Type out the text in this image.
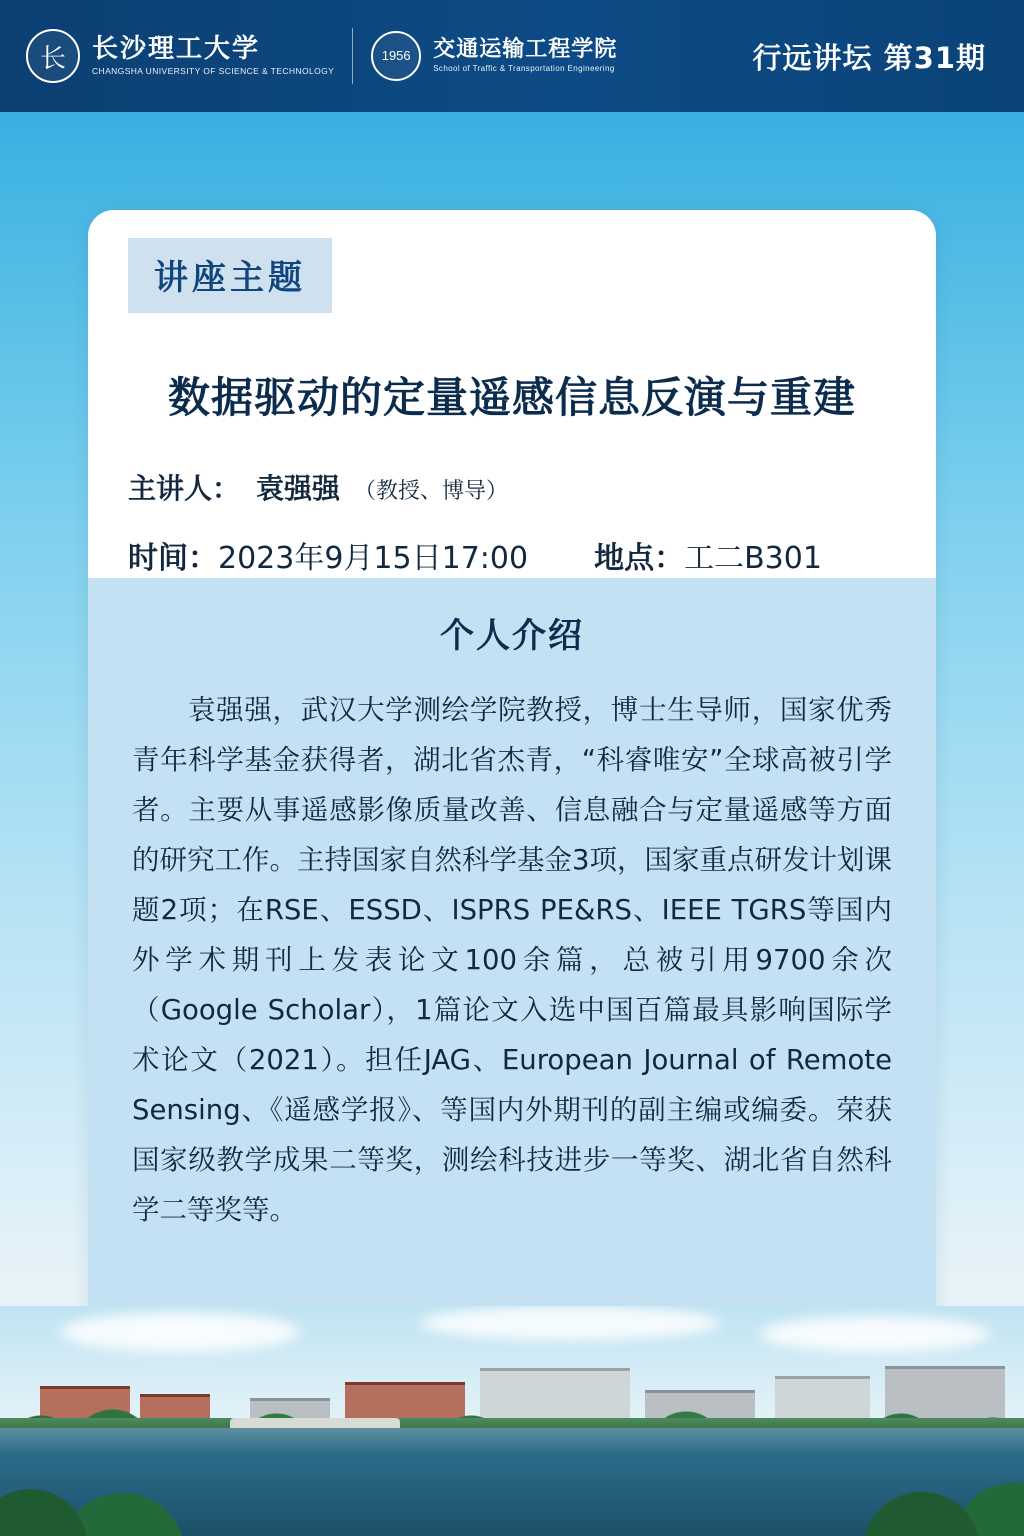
长 长沙理工大学
CHANGSHA UNIVERSITY OF SCIENCE & TECHNOLOGY
1956 交通运输工程学院
School of Traffic & Transportation Engineering	行远讲坛 第31期
讲座主题
数据驱动的定量遥感信息反演与重建
主讲人： 袁强强 （教授、博导）
时间： 2023年9月15日17:00 地点： 工二B301
个人介绍
袁强强，武汉大学测绘学院教授，博士生导师，国家优秀青年科学基金获得者，湖北省杰青，“科睿唯安”全球高被引学者。主要从事遥感影像质量改善、信息融合与定量遥感等方面的研究工作。主持国家自然科学基金3项，国家重点研发计划课题2项；在RSE、ESSD、ISPRS PE&RS、IEEE TGRS等国内外学术期刊上发表论文100余篇，总被引用9700余次（Google Scholar），1篇论文入选中国百篇最具影响国际学术论文（2021）。担任JAG、European Journal of Remote Sensing、《遥感学报》、等国内外期刊的副主编或编委。荣获国家级教学成果二等奖，测绘科技进步一等奖、湖北省自然科学二等奖等。
